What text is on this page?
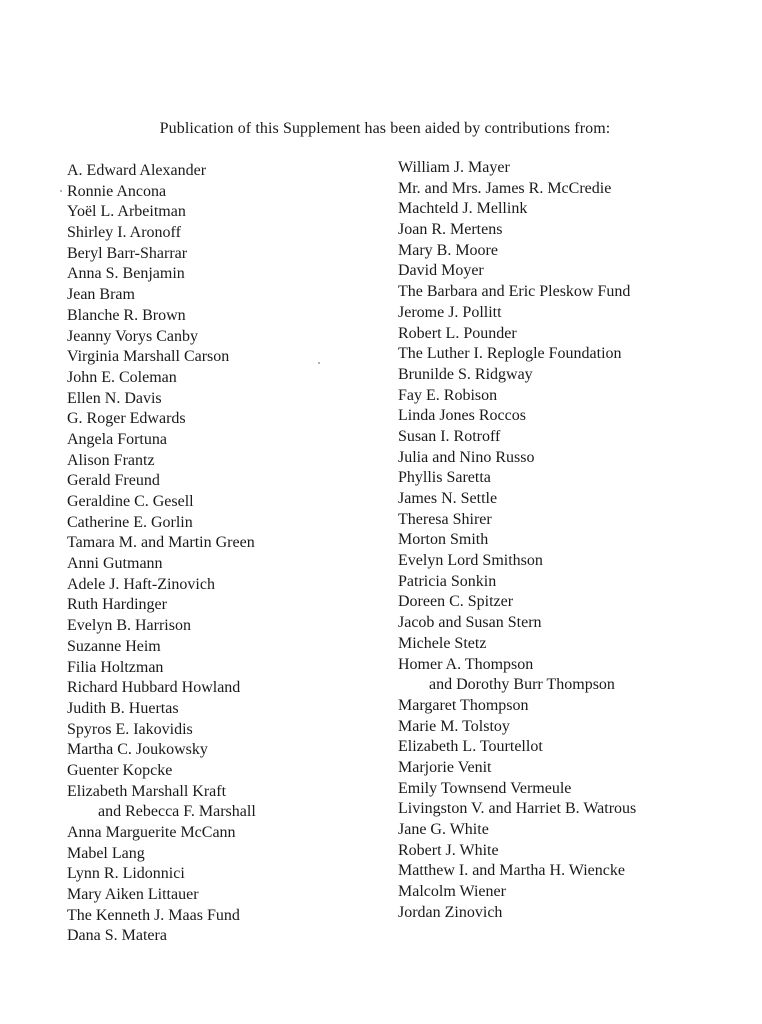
Publication of this Supplement has been aided by contributions from:
A. Edward Alexander
Ronnie Ancona
Yoël L. Arbeitman
Shirley I. Aronoff
Beryl Barr-Sharrar
Anna S. Benjamin
Jean Bram
Blanche R. Brown
Jeanny Vorys Canby
Virginia Marshall Carson
John E. Coleman
Ellen N. Davis
G. Roger Edwards
Angela Fortuna
Alison Frantz
Gerald Freund
Geraldine C. Gesell
Catherine E. Gorlin
Tamara M. and Martin Green
Anni Gutmann
Adele J. Haft-Zinovich
Ruth Hardinger
Evelyn B. Harrison
Suzanne Heim
Filia Holtzman
Richard Hubbard Howland
Judith B. Huertas
Spyros E. Iakovidis
Martha C. Joukowsky
Guenter Kopcke
Elizabeth Marshall Kraft
and Rebecca F. Marshall
Anna Marguerite McCann
Mabel Lang
Lynn R. Lidonnici
Mary Aiken Littauer
The Kenneth J. Maas Fund
Dana S. Matera
William J. Mayer
Mr. and Mrs. James R. McCredie
Machteld J. Mellink
Joan R. Mertens
Mary B. Moore
David Moyer
The Barbara and Eric Pleskow Fund
Jerome J. Pollitt
Robert L. Pounder
The Luther I. Replogle Foundation
Brunilde S. Ridgway
Fay E. Robison
Linda Jones Roccos
Susan I. Rotroff
Julia and Nino Russo
Phyllis Saretta
James N. Settle
Theresa Shirer
Morton Smith
Evelyn Lord Smithson
Patricia Sonkin
Doreen C. Spitzer
Jacob and Susan Stern
Michele Stetz
Homer A. Thompson
and Dorothy Burr Thompson
Margaret Thompson
Marie M. Tolstoy
Elizabeth L. Tourtellot
Marjorie Venit
Emily Townsend Vermeule
Livingston V. and Harriet B. Watrous
Jane G. White
Robert J. White
Matthew I. and Martha H. Wiencke
Malcolm Wiener
Jordan Zinovich
